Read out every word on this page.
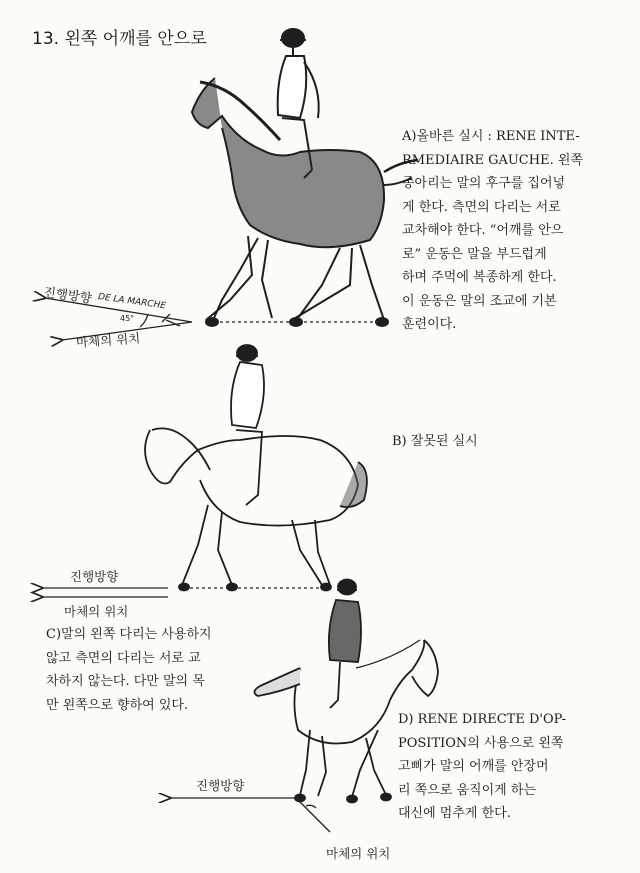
13. 왼쪽 어깨를 안으로
진행방향 DE LA MARCHE
45°
마체의 위치
A)올바른 실시 : RENE INTE-
RMEDIAIRE GAUCHE. 왼쪽
종아리는 말의 후구를 집어넣
게 한다. 측면의 다리는 서로
교차해야 한다. “어깨를 안으
로” 운동은 말을 부드럽게
하며 주먹에 복종하게 한다.
이 운동은 말의 조교에 기본
훈련이다.
B) 잘못된 실시
진행방향
마체의 위치
C)말의 왼쪽 다리는 사용하지
않고 측면의 다리는 서로 교
차하지 않는다. 다만 말의 목
만 왼쪽으로 향하여 있다.
D) RENE DIRECTE D'OP-
POSITION의 사용으로 왼쪽
고삐가 말의 어깨를 안장머
리 쪽으로 움직이게 하는
대신에 멈추게 한다.
진행방향
마체의 위치
